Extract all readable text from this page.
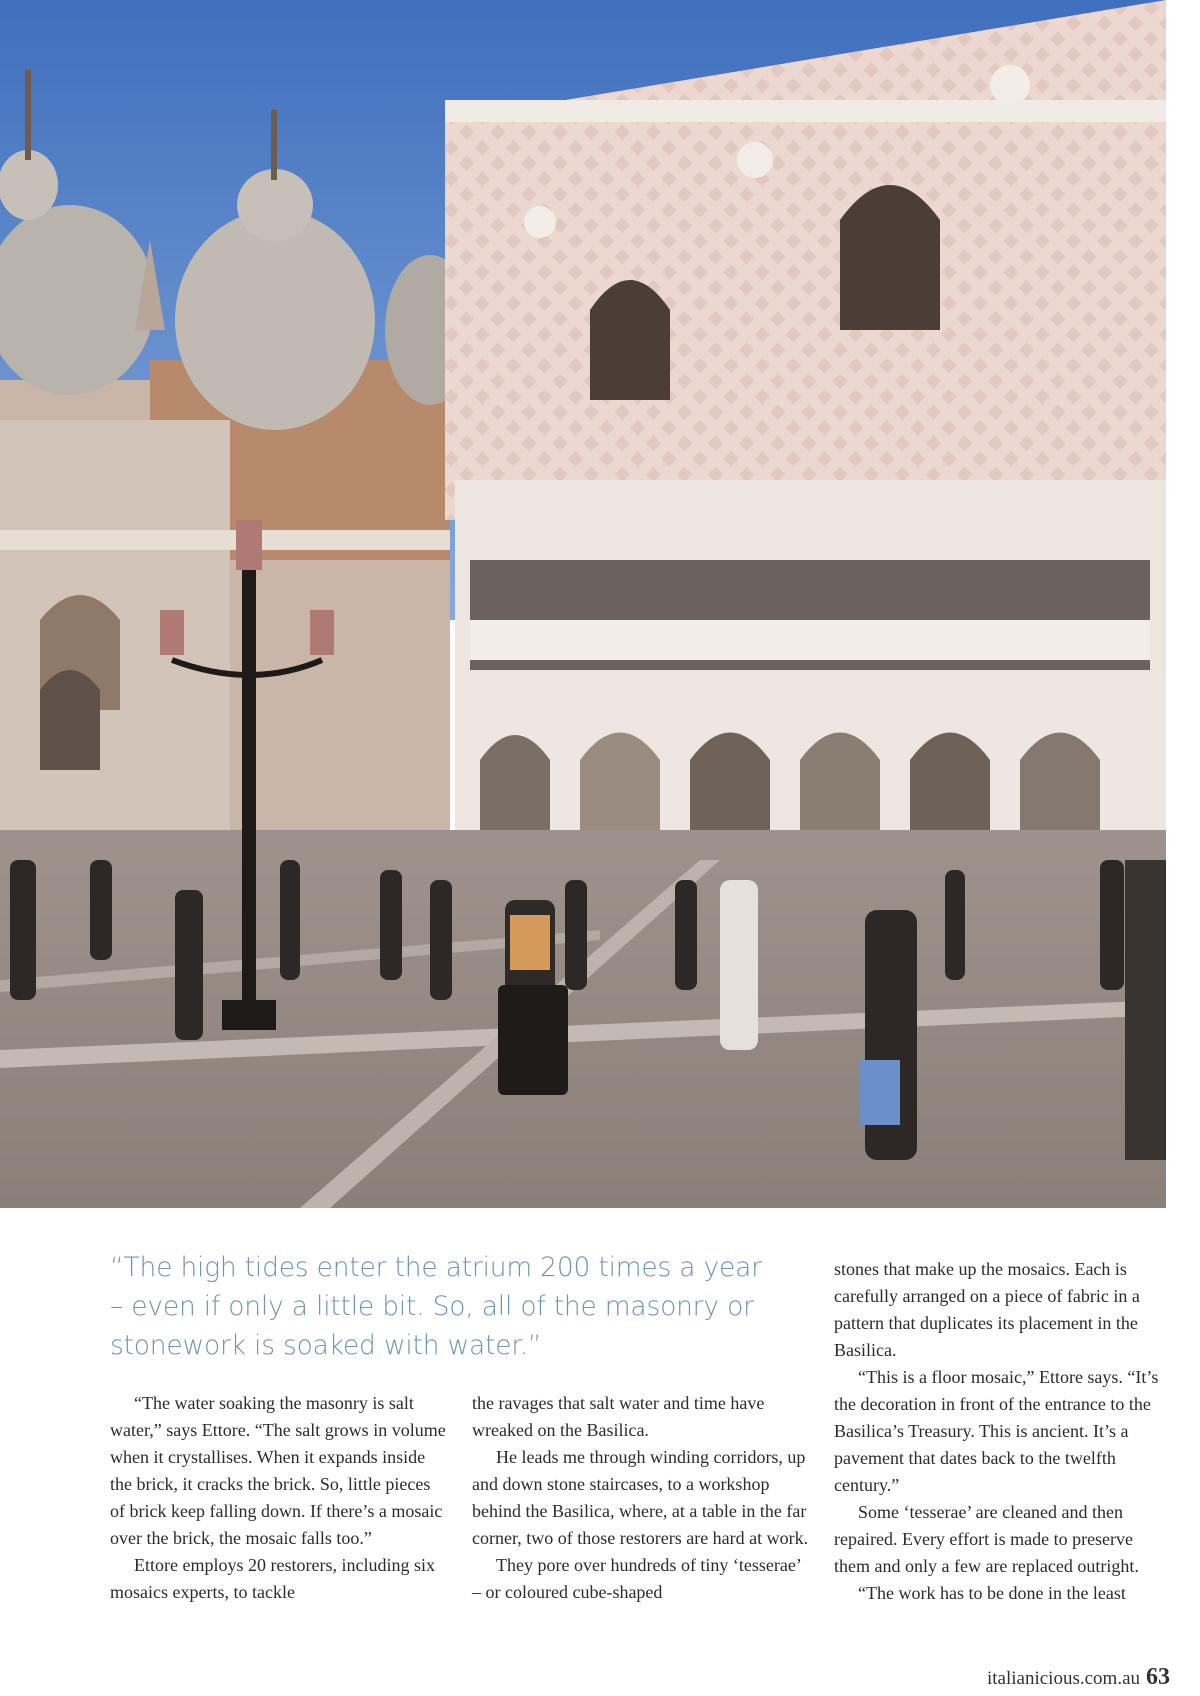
“The high tides enter the atrium 200 times a year – even if only a little bit. So, all of the masonry or stonework is soaked with water.”

“The water soaking the masonry is salt water,” says Ettore. “The salt grows in volume when it crystallises. When it expands inside the brick, it cracks the brick. So, little pieces of brick keep falling down. If there’s a mosaic over the brick, the mosaic falls too.”

Ettore employs 20 restorers, including six mosaics experts, to tackle

the ravages that salt water and time have wreaked on the Basilica.

He leads me through winding corridors, up and down stone staircases, to a workshop behind the Basilica, where, at a table in the far corner, two of those restorers are hard at work.

They pore over hundreds of tiny ‘tesserae’ – or coloured cube-shaped

stones that make up the mosaics. Each is carefully arranged on a piece of fabric in a pattern that duplicates its placement in the Basilica.

“This is a floor mosaic,” Ettore says. “It’s the decoration in front of the entrance to the Basilica’s Treasury. This is ancient. It’s a pavement that dates back to the twelfth century.”

Some ‘tesserae’ are cleaned and then repaired. Every effort is made to preserve them and only a few are replaced outright.

“The work has to be done in the least

italianicious.com.au 63
